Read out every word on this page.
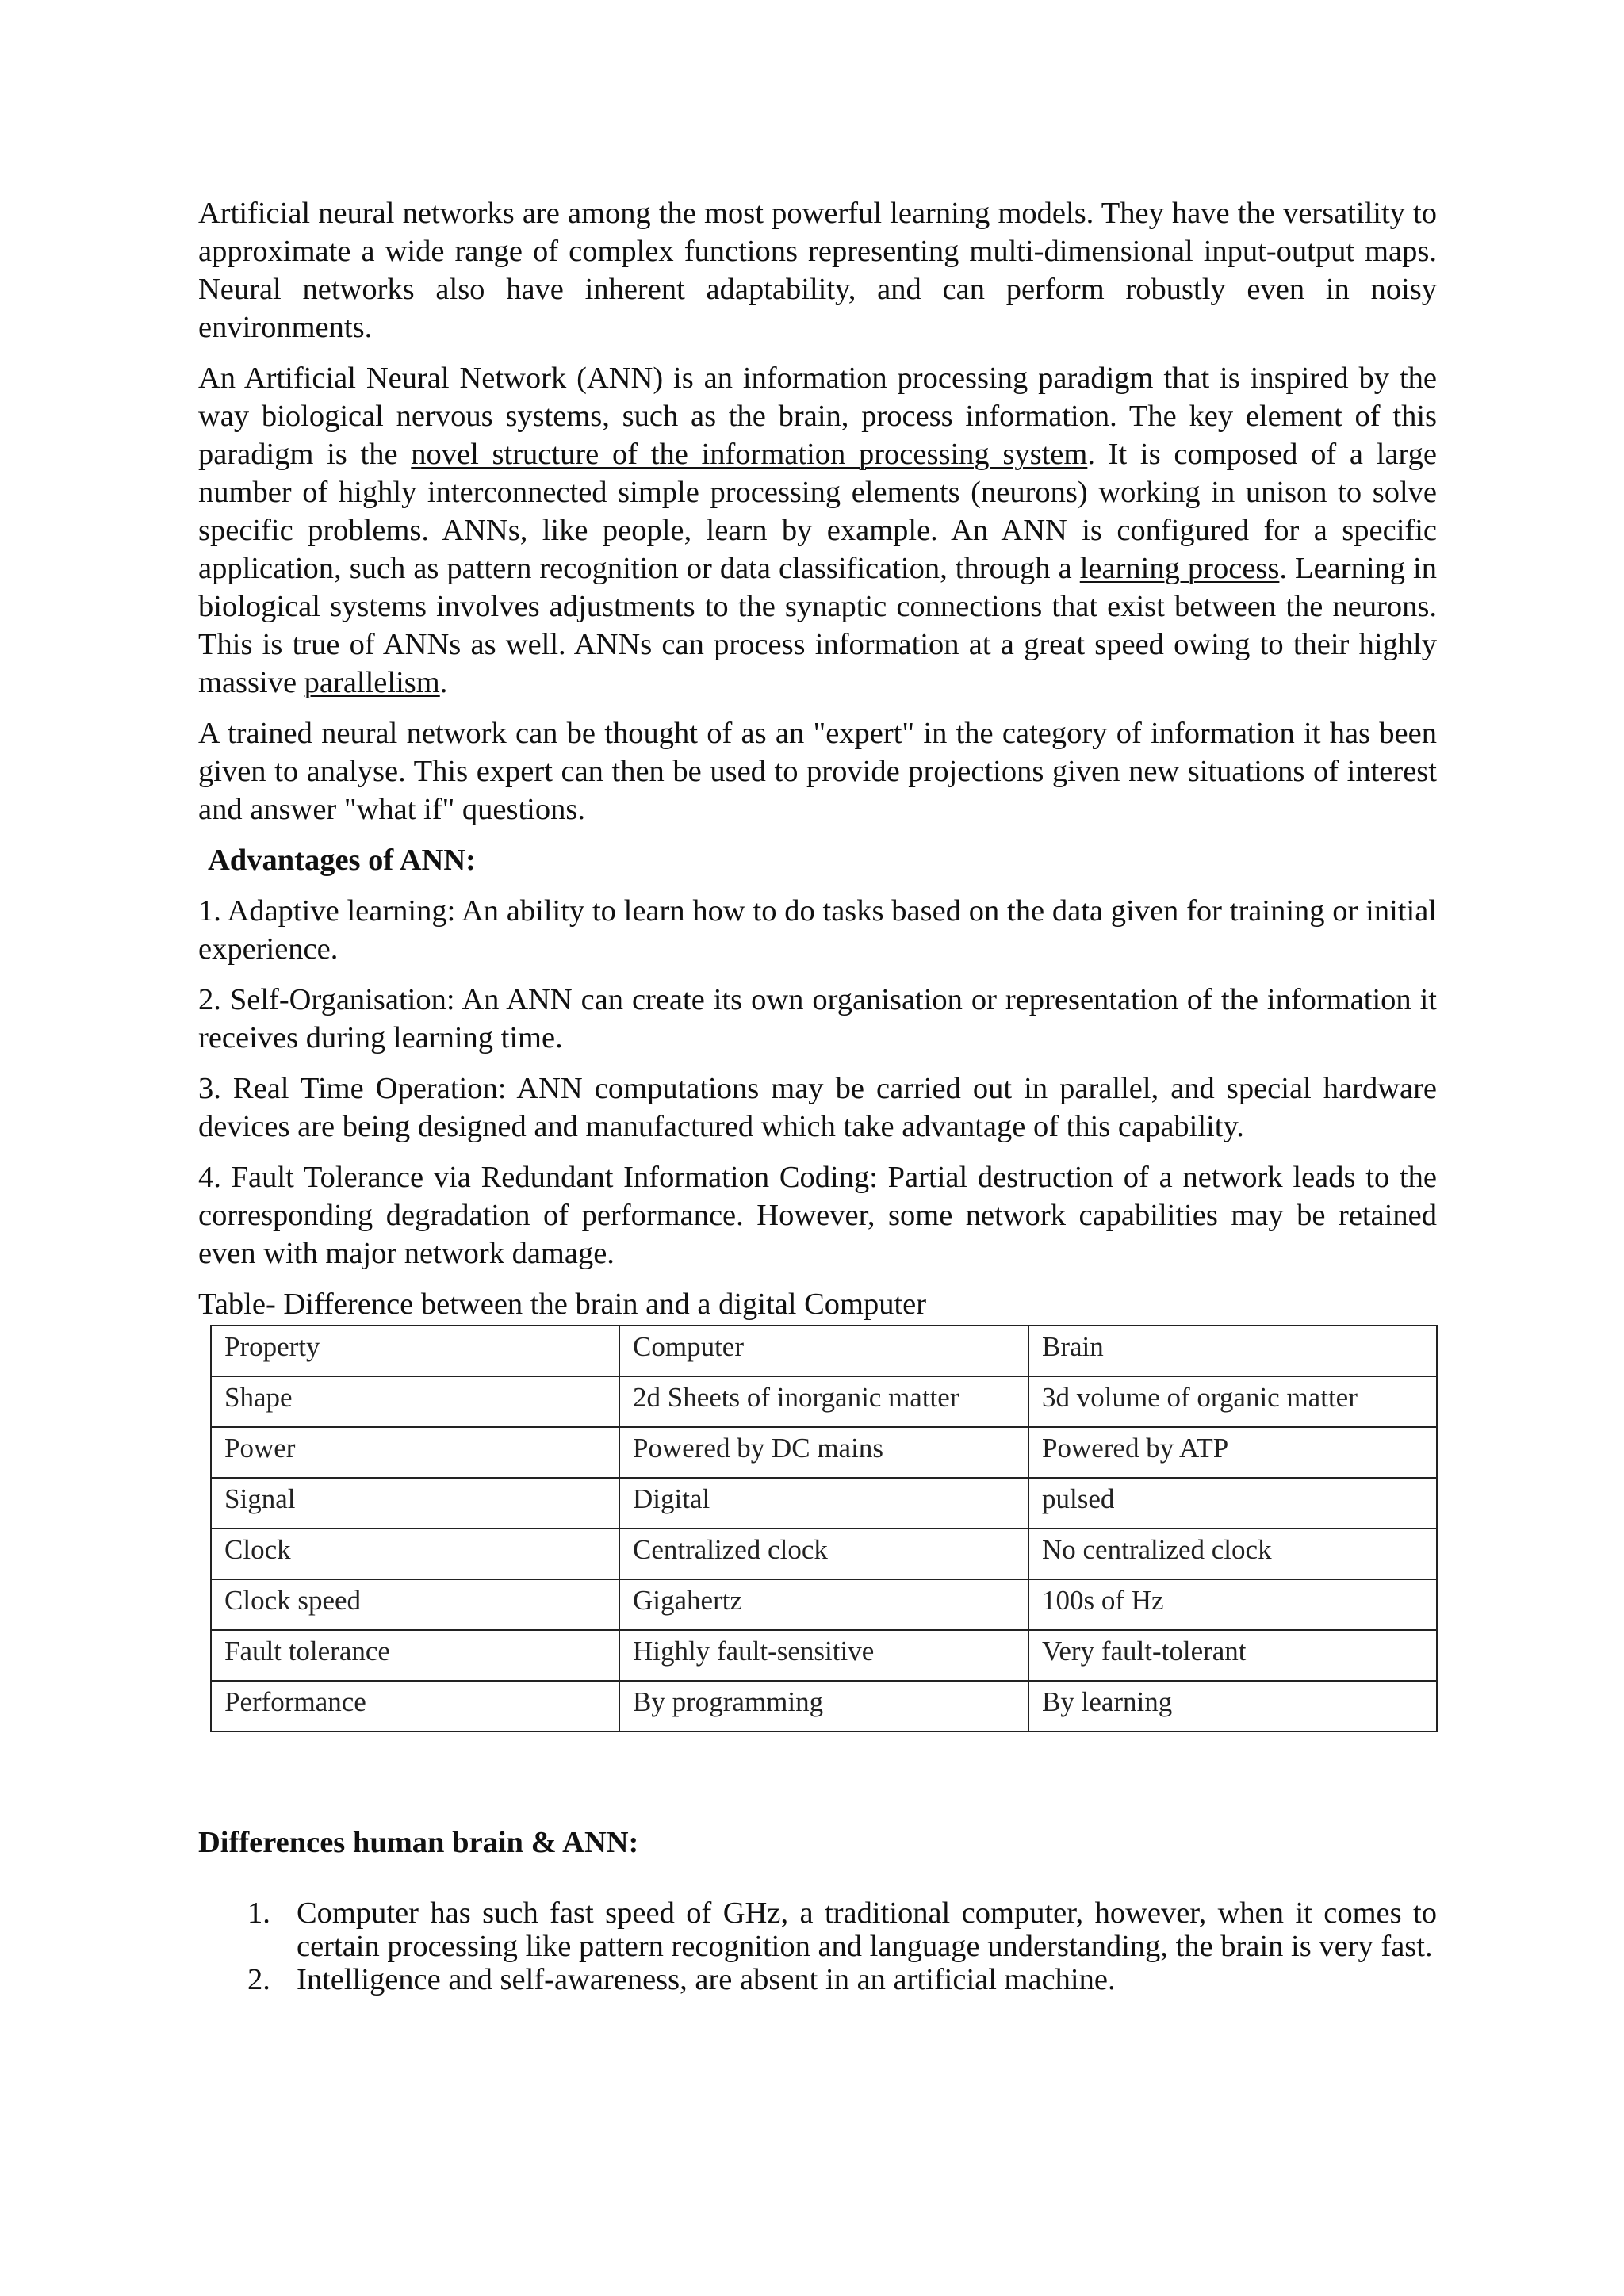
Artificial neural networks are among the most powerful learning models. They have the versatility to approximate a wide range of complex functions representing multi-dimensional input-output maps. Neural networks also have inherent adaptability, and can perform robustly even in noisy environments.

An Artificial Neural Network (ANN) is an information processing paradigm that is inspired by the way biological nervous systems, such as the brain, process information. The key element of this paradigm is the novel structure of the information processing system. It is composed of a large number of highly interconnected simple processing elements (neurons) working in unison to solve specific problems. ANNs, like people, learn by example. An ANN is configured for a specific application, such as pattern recognition or data classification, through a learning process. Learning in biological systems involves adjustments to the synaptic connections that exist between the neurons. This is true of ANNs as well. ANNs can process information at a great speed owing to their highly massive parallelism.

A trained neural network can be thought of as an "expert" in the category of information it has been given to analyse. This expert can then be used to provide projections given new situations of interest and answer "what if" questions.

Advantages of ANN:

1. Adaptive learning: An ability to learn how to do tasks based on the data given for training or initial experience.

2. Self-Organisation: An ANN can create its own organisation or representation of the information it receives during learning time.

3. Real Time Operation: ANN computations may be carried out in parallel, and special hardware devices are being designed and manufactured which take advantage of this capability.

4. Fault Tolerance via Redundant Information Coding: Partial destruction of a network leads to the corresponding degradation of performance. However, some network capabilities may be retained even with major network damage.

Table- Difference between the brain and a digital Computer
Property	Computer	Brain
Shape	2d Sheets of inorganic matter	3d volume of organic matter
Power	Powered by DC mains	Powered by ATP
Signal	Digital	pulsed
Clock	Centralized clock	No centralized clock
Clock speed	Gigahertz	100s of Hz
Fault tolerance	Highly fault-sensitive	Very fault-tolerant
Performance	By programming	By learning
Differences human brain & ANN:
1. Computer has such fast speed of GHz, a traditional computer, however, when it comes to certain processing like pattern recognition and language understanding, the brain is very fast.
2. Intelligence and self-awareness, are absent in an artificial machine.
